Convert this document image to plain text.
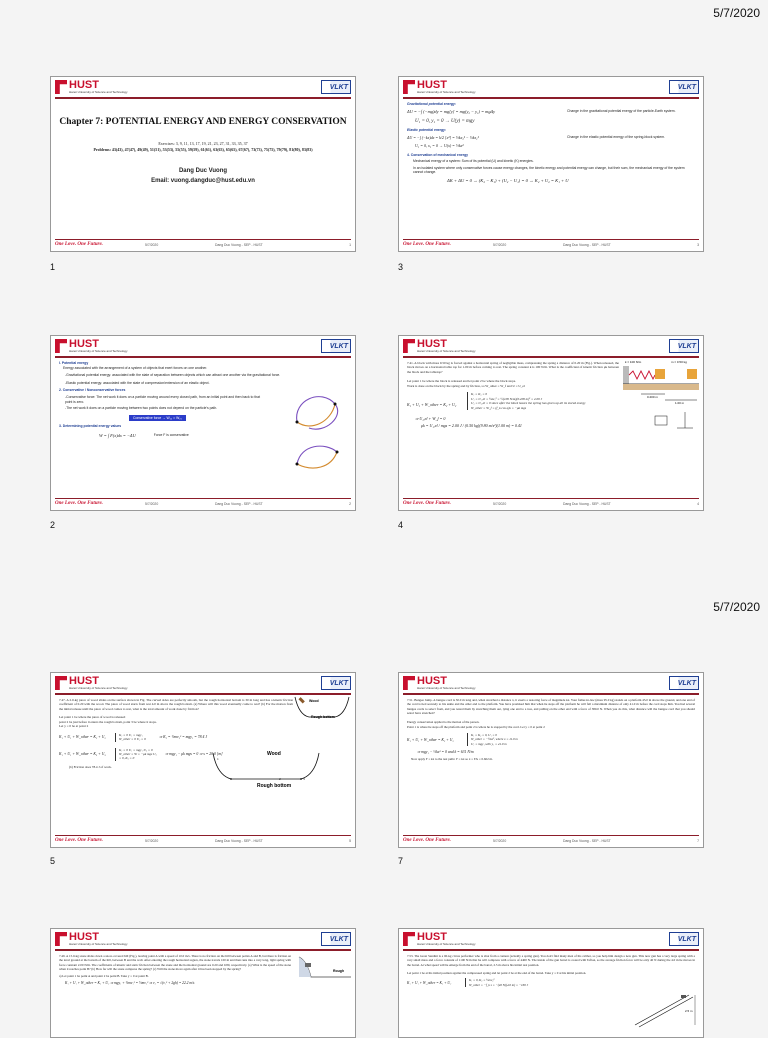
5/7/2020
5/7/2020
HUST
Hanoi University of Science and Technology
VLKT
Chapter 7: POTENTIAL ENERGY AND ENERGY CONSERVATION
Exercises: 3, 9, 11, 13, 17, 19, 21, 23, 27, 31, 33, 35, 37
Problems: 43(43), 47(47), 49(49), 51(51), 53(53), 55(55), 59(59), 61(61), 63(63), 65(65), 67(67), 73(73), 75(75), 79(79), 81(80), 83(83)
Dang Duc Vuong
Email: vuong.dangduc@hust.edu.vn
One Love. One Future.	5/7/2020	Dang Duc Vuong - SEP - HUST	1
1
HUST
Hanoi University of Science and Technology
VLKT
Gravitational potential energy:
ΔU = −∫ (−mg)dy = mg[y] = mg(y₂ − y₁) = mgΔy	Change in the gravitational potential energy of the particle-Earth system.
U₁ = 0, y₁ = 0 → U(y) = mgy
Elastic potential energy:
ΔU = −∫ (−kx)dx = k/2 [x²] = ½kx₂² − ½kx₁²	Change in the elastic potential energy of the spring-block system.
U₁ = 0, x₁ = 0 → U(x) = ½kx²
4. Conservation of mechanical energy
Mechanical energy of a system: Sum of its potential (U) and kinetic (K) energies.
In an isolated system where only conservative forces cause energy changes, the kinetic energy and potential energy can change, but their sum, the mechanical energy of the system cannot change.
ΔK + ΔU = 0 → (K₂ − K₁) + (U₂ − U₁) = 0 → K₂ + U₂ = K₁ + U
One Love. One Future.	5/7/2020	Dang Duc Vuong - SEP - HUST	3
3
HUST
Hanoi University of Science and Technology
VLKT
I. Potential energy
Energy associated with the arrangement of a system of objects that exert forces on one another.
-Gravitational potential energy: associated with the state of separation between objects which can attract one another via the gravitational force.
-Elastic potential energy: associated with the state of compression/extension of an elastic object.
2. Conservative / Nonconservative forces
-Conservative force: The net work it does on a particle moving around every closed path, from an initial point and then back to that point is zero.
-The net work it does on a particle moving between two points does not depend on the particle's path.
Conservative force → W₁₂ = W₂₁
3. Determining potential energy values
W = ∫ F(x)dx = −ΔU	Force F is conservative
One Love. One Future.	5/7/2020	Dang Duc Vuong - SEP - HUST	2
2
HUST
Hanoi University of Science and Technology
VLKT
7.41. A block with mass 0.50 kg is forced against a horizontal spring of negligible mass, compressing the spring a distance of 0.20 m (Fig.). When released, the block moves on a horizontal table top for 1.00 m before coming to rest. The spring constant k is 100 N/m. What is the coefficient of kinetic friction μk between the block and the tabletop?
Let point 1 be where the block is released and let point 2 be where the block stops.
Work is done on the block by the spring and by friction, so W_other = W_f and U = U_el
K₁ + U₁ + W_other = K₂ + U₂
K₁ = K₂ = 0
U₁ = U₁,el = ½kx₁² = ½(100 N/m)(0.200 m)² = 2.00 J
U₂ = U₂,el = 0 since after the block leaves the spring has given up all its stored energy
W_other = W_f = (f_k cos φ)s = −μk mgs
⇒ U₁,el + W_f = 0
μk = U₁,el / mgs = 2.00 J / (0.50 kg)(9.80 m/s²)(1.00 m) = 0.41
k = 100 N/m	m = 0.50 kg
0.200 m
1.00 m
One Love. One Future.	5/7/2020	Dang Duc Vuong - SEP - HUST	4
4
HUST
Hanoi University of Science and Technology
VLKT
7.47. A 2.0-kg piece of wood slides on the surface shown in Fig. The curved sides are perfectly smooth, but the rough horizontal bottom is 30 m long and has a kinetic friction coefficient of 0.20 with the wood. The piece of wood starts from rest 4.0 m above the rough bottom. (a) Where will this wood eventually come to rest? (b) For the motion from the initial release until the piece of wood comes to rest, what is the total amount of work done by friction?
Let point 1 be where the piece of wood is released
point 2 be just before it enters the rough bottom, point 3 be where it stops.
Let y = 0 be at point 2
K₁ + U₁ + W_other = K₂ + U₂	K₁ = 0 U₁ = mgy₁ W_other = 0 U₂ = 0
⇒ K₂ = ½mv₂² = mgy₁ = 78.4 J
K₁ + U₁ + W_other = K₃ + U₃
K₁ = 0 U₁ = mgy₁ U₃ = 0 W_other = W = −μk mgs U₃ = 0, K₃ = 0
⇒ mgy₁ − μk mgs = 0 ⇒ s = 20.0 [m]
(b) Friction does 78.4 J of work.
Wood
Rough bottom
Wood
Rough bottom
1
2	3
One Love. One Future.	5/7/2020	Dang Duc Vuong - SEP - HUST	5
5
HUST
Hanoi University of Science and Technology
VLKT
7.51. Bungee Jump. A bungee cord is 30.0 m long and, when stretched a distance x, it exerts a restoring force of magnitude kx. Your father-in-law (mass 95.0 kg) stands on a platform 45.0 m above the ground, and one end of the cord is tied securely to his ankle and the other end to the platform. You have promised him that when he steps off the platform he will fall a maximum distance of only 41.0 m before the cord stops him. You had several bungee cords to select from, and you tested them by stretching them out, tying one end to a tree, and pulling on the other end with a force of 380.0 N. When you do this, what distance will the bungee cord that you should select have stretched?
Energy conservation applied to the motion of the person.
Point 1 is where he steps off the platform and point 2 is where he is stopped by the cord. Let y = 0 at point 2
K₁ + U₁ + W_other = K₂ + U₂
K₁ = K₂ = 0, U₁ = 0
W_other = −½kx², where x = 11.0 m
U₁ = mgy₁ with y₁ = 41.0 m
⇒ mgy₁ − ½kx² = 0 and k = 631 N/m
Now apply F = kx to the test pulls: F = kx so x = F/k = 0.602 m.
One Love. One Future.	5/7/2020	Dang Duc Vuong - SEP - HUST	7
7
HUST
Hanoi University of Science and Technology
VLKT
7.49. A 15.0-kg stone slides down a snow-covered hill (Fig.), leaving point A with a speed of 10.0 m/s. There is no friction on the hill between points A and B, but there is friction on the level ground at the bottom of the hill, between B and the wall. After entering the rough horizontal region, the stone travels 100 m and then runs into a very long, light spring with force constant 2.00 N/m. The coefficients of kinetic and static friction between the stone and the horizontal ground are 0.20 and 0.80, respectively. (a) What is the speed of the stone when it reaches point B? (b) How far will the stone compress the spring? (c) Will the stone move again after it has been stopped by the spring?
a) Let point 1 be point A and point 2 be point B. Take y = 0 at point B.
K₁ + U₁ + W_other = K₂ + U₂ ⇒ mgy₁ + ½mv₁² = ½mv₂² ⇒ v₂ = √(v₁² + 2gh) = 22.2 m/s
Rough
HUST
Hanoi University of Science and Technology
VLKT
7.53. The Great Sandini is a 60-kg circus performer who is shot from a cannon (actually a spring gun). You don't find many men of his caliber, so you help him design a new gun. This new gun has a very large spring with a very small mass and a force constant of 1100 N/m that he will compress with a force of 4400 N. The inside of the gun barrel is coated with Teflon, so the average friction force will be only 40 N during the 4.0 m he moves in the barrel. At what speed will he emerge from the end of the barrel, 2.5 m above his initial rest position.
Let point 1 be at his initial position against the compressed spring and let point 2 be at the end of the barrel. Take y = 0 at his initial position.
K₁ + U₁ + W_other = K₂ + U₂
K₁ = 0, K₂ = ½mv₂²
W_other = −f_k s = −(40 N)(4.0 m) = −160 J
2.5 m
